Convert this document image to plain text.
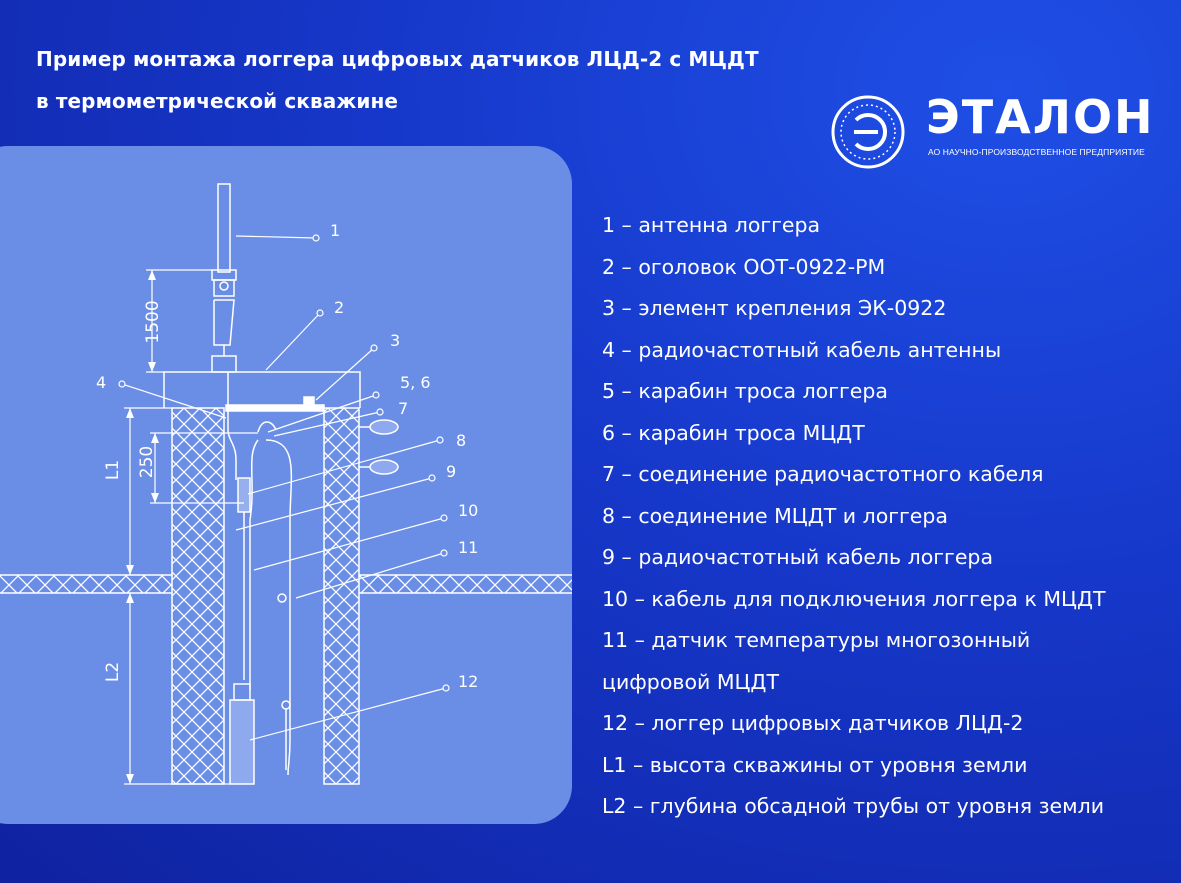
Пример монтажа логгера цифровых датчиков ЛЦД-2 с МЦДТ
в термометрической скважине	ЭТАЛОН
АО НАУЧНО-ПРОИЗВОДСТВЕННОЕ ПРЕДПРИЯТИЕ
1500
250
L1
L2
1
2
3
4	5, 6
7
8
9
10
11
12
1 – антенна логгера
2 – оголовок ООТ-0922-РМ
3 – элемент крепления ЭК-0922
4 – радиочастотный кабель антенны
5 – карабин троса логгера
6 – карабин троса МЦДТ
7 – соединение радиочастотного кабеля
8 – соединение МЦДТ и логгера
9 – радиочастотный кабель логгера
10 – кабель для подключения логгера к МЦДТ
11 – датчик температуры многозонный
цифровой МЦДТ
12 – логгер цифровых датчиков ЛЦД-2
L1 – высота скважины от уровня земли
L2 – глубина обсадной трубы от уровня земли
